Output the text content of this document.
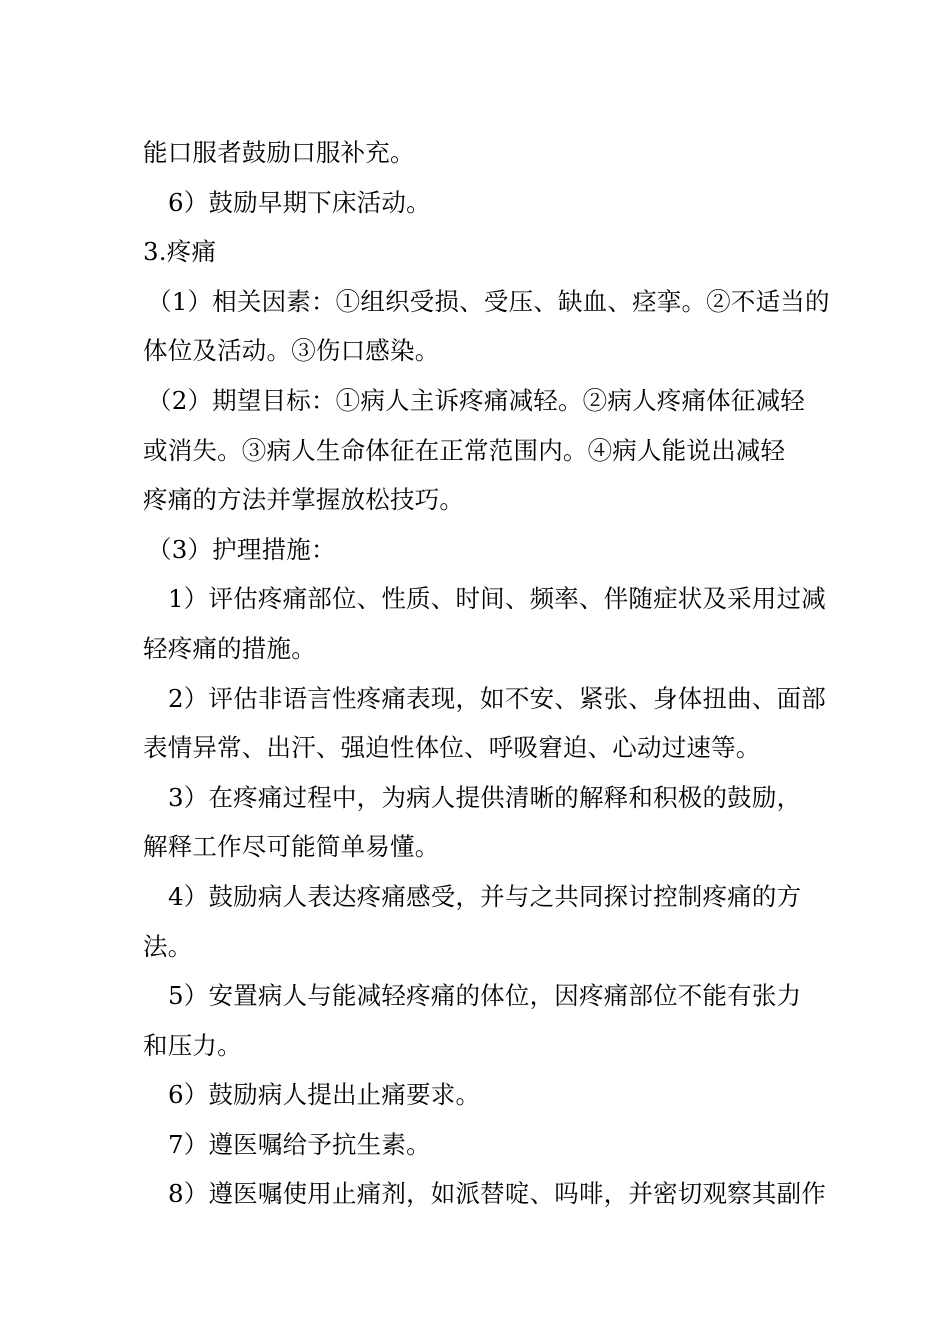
能口服者鼓励口服补充。
6）鼓励早期下床活动。
3.疼痛
（1）相关因素：①组织受损、受压、缺血、痉挛。②不适当的
体位及活动。③伤口感染。
（2）期望目标：①病人主诉疼痛减轻。②病人疼痛体征减轻
或消失。③病人生命体征在正常范围内。④病人能说出减轻
疼痛的方法并掌握放松技巧。
（3）护理措施：
1）评估疼痛部位、性质、时间、频率、伴随症状及采用过减
轻疼痛的措施。
2）评估非语言性疼痛表现，如不安、紧张、身体扭曲、面部
表情异常、出汗、强迫性体位、呼吸窘迫、心动过速等。
3）在疼痛过程中，为病人提供清晰的解释和积极的鼓励，
解释工作尽可能简单易懂。
4）鼓励病人表达疼痛感受，并与之共同探讨控制疼痛的方
法。
5）安置病人与能减轻疼痛的体位，因疼痛部位不能有张力
和压力。
6）鼓励病人提出止痛要求。
7）遵医嘱给予抗生素。
8）遵医嘱使用止痛剂，如派替啶、吗啡，并密切观察其副作
